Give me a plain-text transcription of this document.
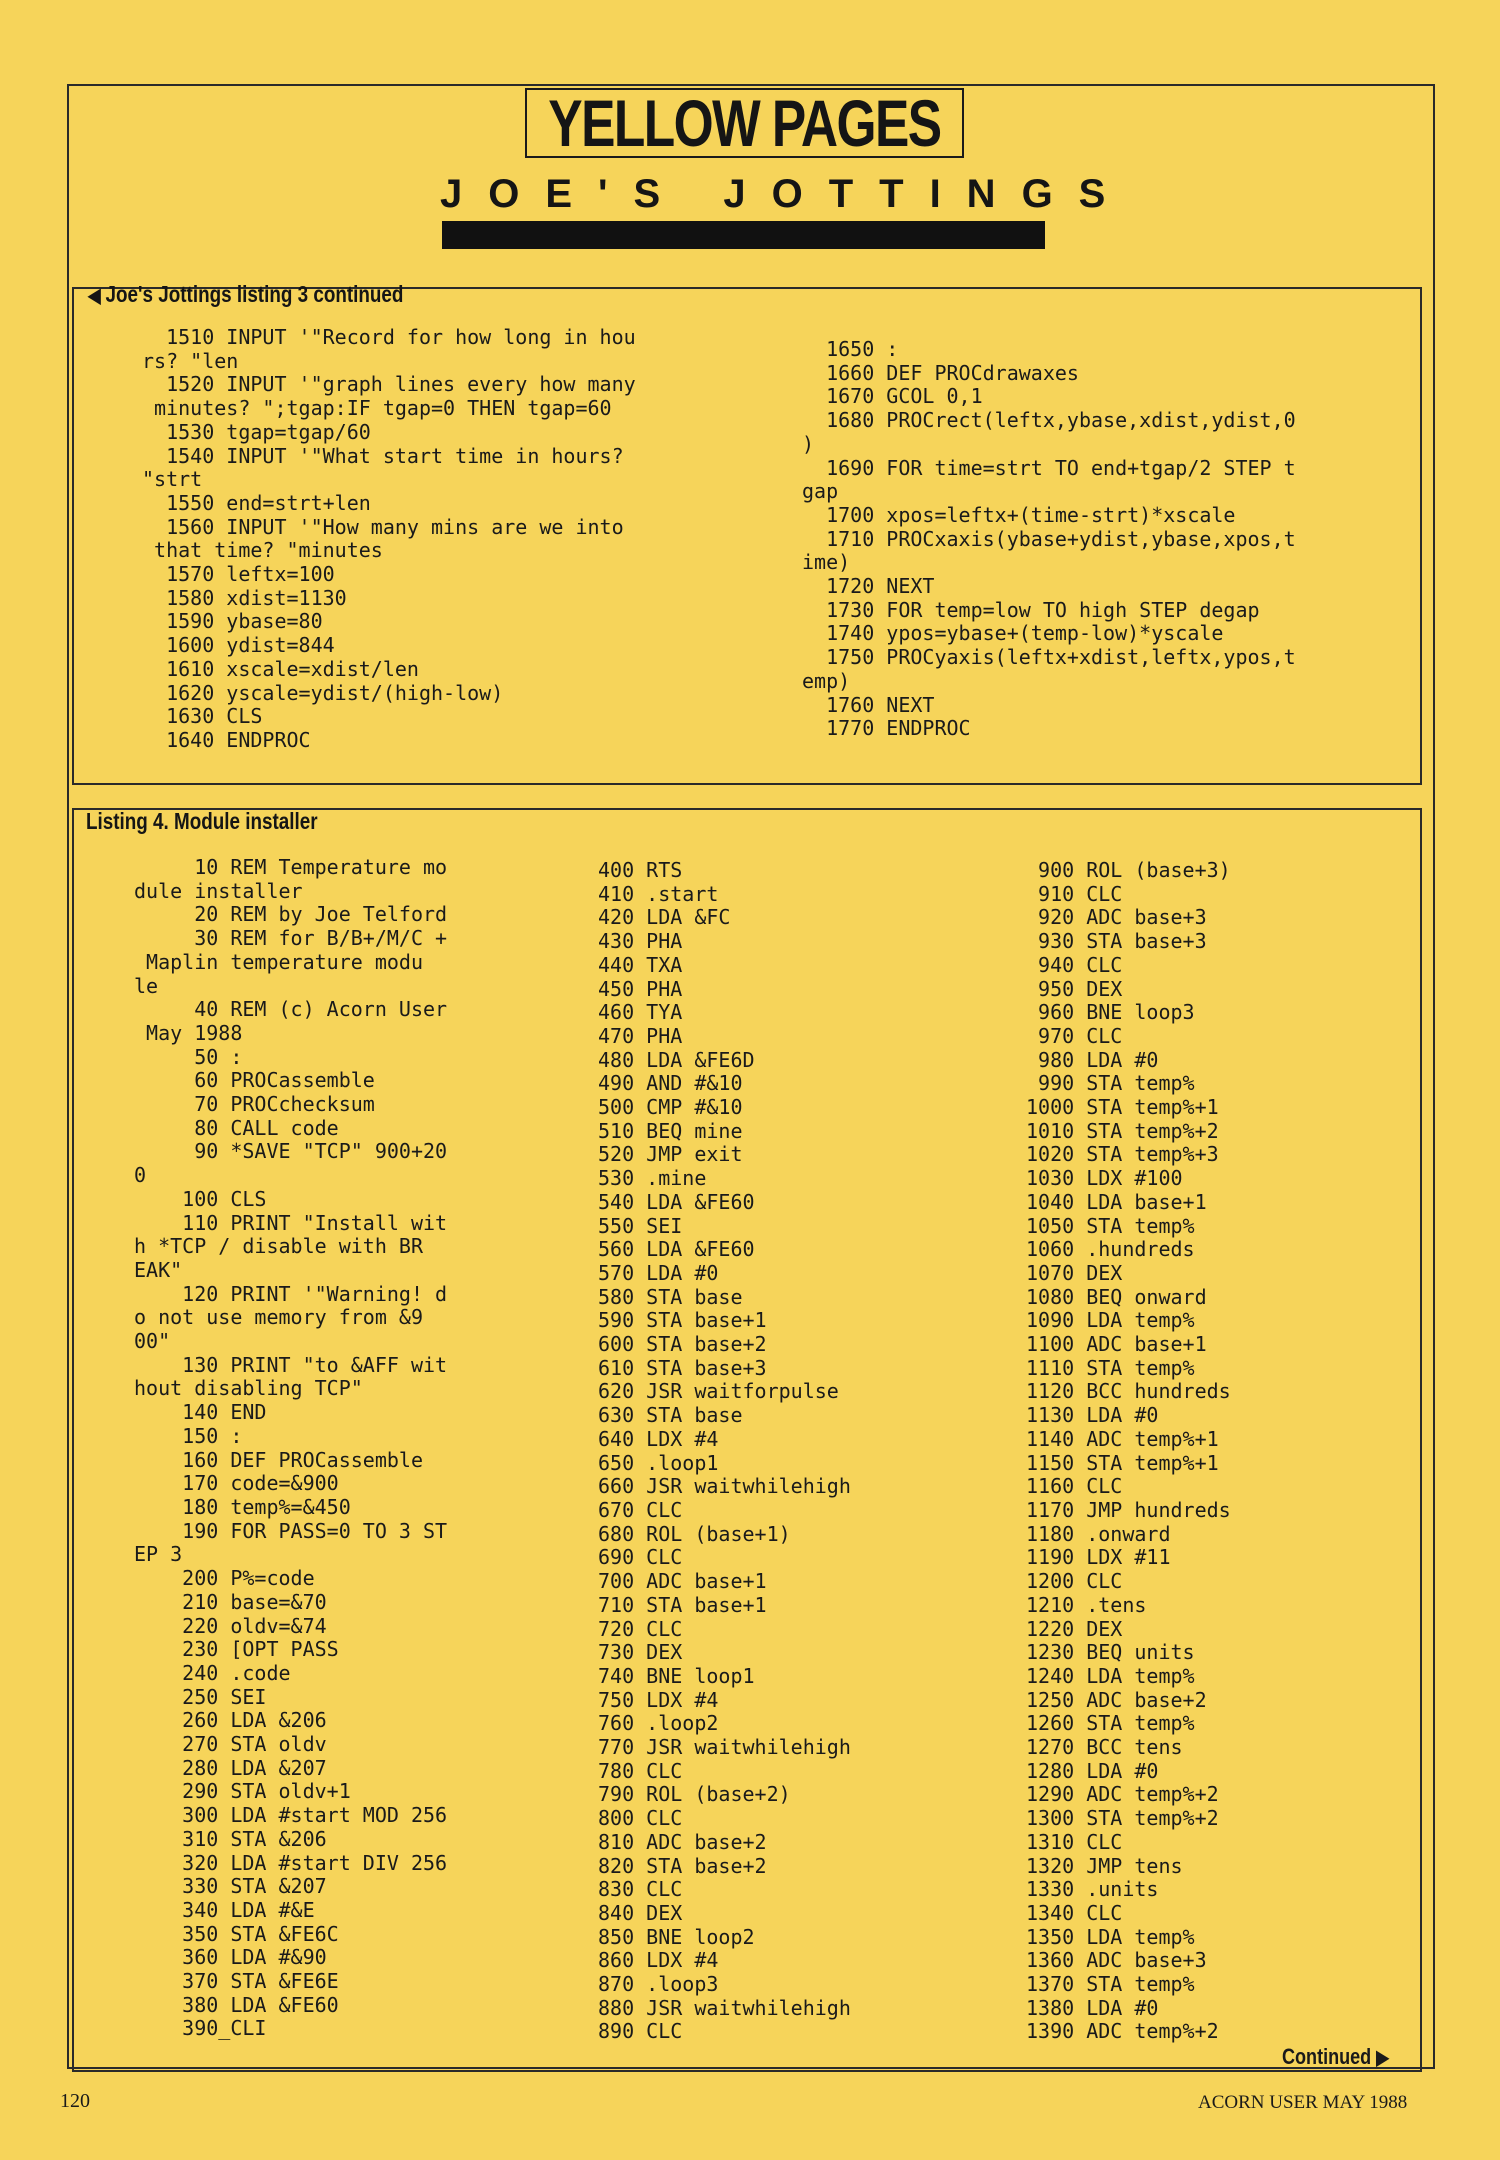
YELLOW PAGES
JOE'S JOTTINGS
◀ Joe's Jottings listing 3 continued
1510 INPUT '"Record for how long in hou
rs? "len
1520 INPUT '"graph lines every how many
minutes? ";tgap:IF tgap=0 THEN tgap=60
1530 tgap=tgap/60
1540 INPUT '"What start time in hours?
"strt
1550 end=strt+len
1560 INPUT '"How many mins are we into
that time? "minutes
1570 leftx=100
1580 xdist=1130
1590 ybase=80
1600 ydist=844
1610 xscale=xdist/len
1620 yscale=ydist/(high-low)
1630 CLS
1640 ENDPROC
1650 :
1660 DEF PROCdrawaxes
1670 GCOL 0,1
1680 PROCrect(leftx,ybase,xdist,ydist,0
)
1690 FOR time=strt TO end+tgap/2 STEP t
gap
1700 xpos=leftx+(time-strt)*xscale
1710 PROCxaxis(ybase+ydist,ybase,xpos,t
ime)
1720 NEXT
1730 FOR temp=low TO high STEP degap
1740 ypos=ybase+(temp-low)*yscale
1750 PROCyaxis(leftx+xdist,leftx,ypos,t
emp)
1760 NEXT
1770 ENDPROC
Listing 4. Module installer
10 REM Temperature mo
dule installer
20 REM by Joe Telford
30 REM for B/B+/M/C +
Maplin temperature modu
le
40 REM (c) Acorn User
May 1988
50 :
60 PROCassemble
70 PROCchecksum
80 CALL code
90 *SAVE "TCP" 900+20
0
100 CLS
110 PRINT "Install wit
h *TCP / disable with BR
EAK"
120 PRINT '"Warning! d
o not use memory from &9
00"
130 PRINT "to &AFF wit
hout disabling TCP"
140 END
150 :
160 DEF PROCassemble
170 code=&900
180 temp%=&450
190 FOR PASS=0 TO 3 ST
EP 3
200 P%=code
210 base=&70
220 oldv=&74
230 [OPT PASS
240 .code
250 SEI
260 LDA &206
270 STA oldv
280 LDA &207
290 STA oldv+1
300 LDA #start MOD 256
310 STA &206
320 LDA #start DIV 256
330 STA &207
340 LDA #&E
350 STA &FE6C
360 LDA #&90
370 STA &FE6E
380 LDA &FE60
390_CLI
400 RTS
410 .start
420 LDA &FC
430 PHA
440 TXA
450 PHA
460 TYA
470 PHA
480 LDA &FE6D
490 AND #&10
500 CMP #&10
510 BEQ mine
520 JMP exit
530 .mine
540 LDA &FE60
550 SEI
560 LDA &FE60
570 LDA #0
580 STA base
590 STA base+1
600 STA base+2
610 STA base+3
620 JSR waitforpulse
630 STA base
640 LDX #4
650 .loop1
660 JSR waitwhilehigh
670 CLC
680 ROL (base+1)
690 CLC
700 ADC base+1
710 STA base+1
720 CLC
730 DEX
740 BNE loop1
750 LDX #4
760 .loop2
770 JSR waitwhilehigh
780 CLC
790 ROL (base+2)
800 CLC
810 ADC base+2
820 STA base+2
830 CLC
840 DEX
850 BNE loop2
860 LDX #4
870 .loop3
880 JSR waitwhilehigh
890 CLC
900 ROL (base+3)
910 CLC
920 ADC base+3
930 STA base+3
940 CLC
950 DEX
960 BNE loop3
970 CLC
980 LDA #0
990 STA temp%
1000 STA temp%+1
1010 STA temp%+2
1020 STA temp%+3
1030 LDX #100
1040 LDA base+1
1050 STA temp%
1060 .hundreds
1070 DEX
1080 BEQ onward
1090 LDA temp%
1100 ADC base+1
1110 STA temp%
1120 BCC hundreds
1130 LDA #0
1140 ADC temp%+1
1150 STA temp%+1
1160 CLC
1170 JMP hundreds
1180 .onward
1190 LDX #11
1200 CLC
1210 .tens
1220 DEX
1230 BEQ units
1240 LDA temp%
1250 ADC base+2
1260 STA temp%
1270 BCC tens
1280 LDA #0
1290 ADC temp%+2
1300 STA temp%+2
1310 CLC
1320 JMP tens
1330 .units
1340 CLC
1350 LDA temp%
1360 ADC base+3
1370 STA temp%
1380 LDA #0
1390 ADC temp%+2
Continued ▶
120	ACORN USER MAY 1988
